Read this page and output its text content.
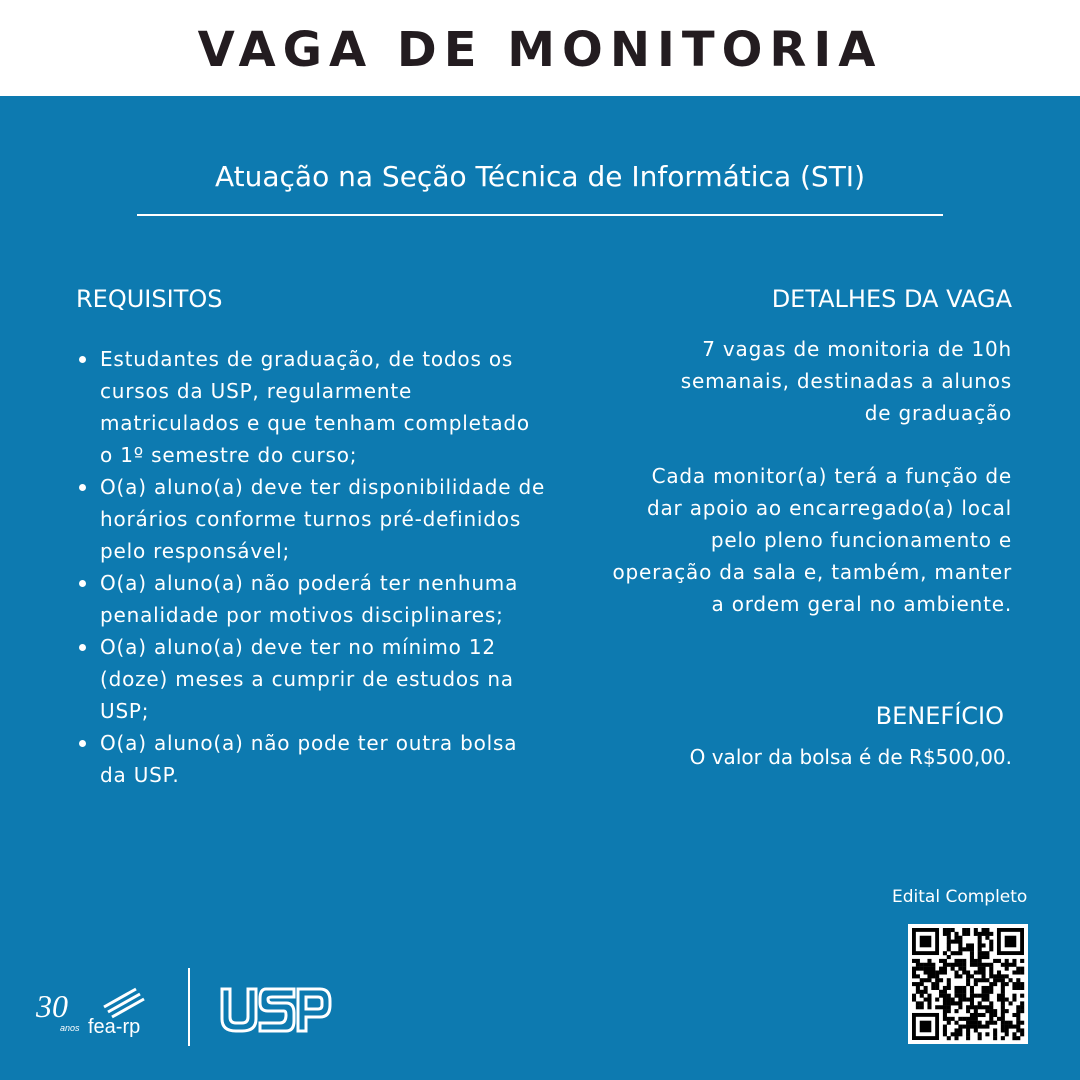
VAGA DE MONITORIA
Atuação na Seção Técnica de Informática (STI)
REQUISITOS
Estudantes de graduação, de todos os cursos da USP, regularmente matriculados e que tenham completado o 1º semestre do curso;
O(a) aluno(a) deve ter disponibilidade de horários conforme turnos pré-definidos pelo responsável;
O(a) aluno(a) não poderá ter nenhuma penalidade por motivos disciplinares;
O(a) aluno(a) deve ter no mínimo 12 (doze) meses a cumprir de estudos na USP;
O(a) aluno(a) não pode ter outra bolsa da USP.
DETALHES DA VAGA
7 vagas de monitoria de 10h semanais, destinadas a alunos de graduação
Cada monitor(a) terá a função de dar apoio ao encarregado(a) local pelo pleno funcionamento e operação da sala e, também, manter a ordem geral no ambiente.
BENEFÍCIO
O valor da bolsa é de R$500,00.
Edital Completo
30
anos fea-rp
